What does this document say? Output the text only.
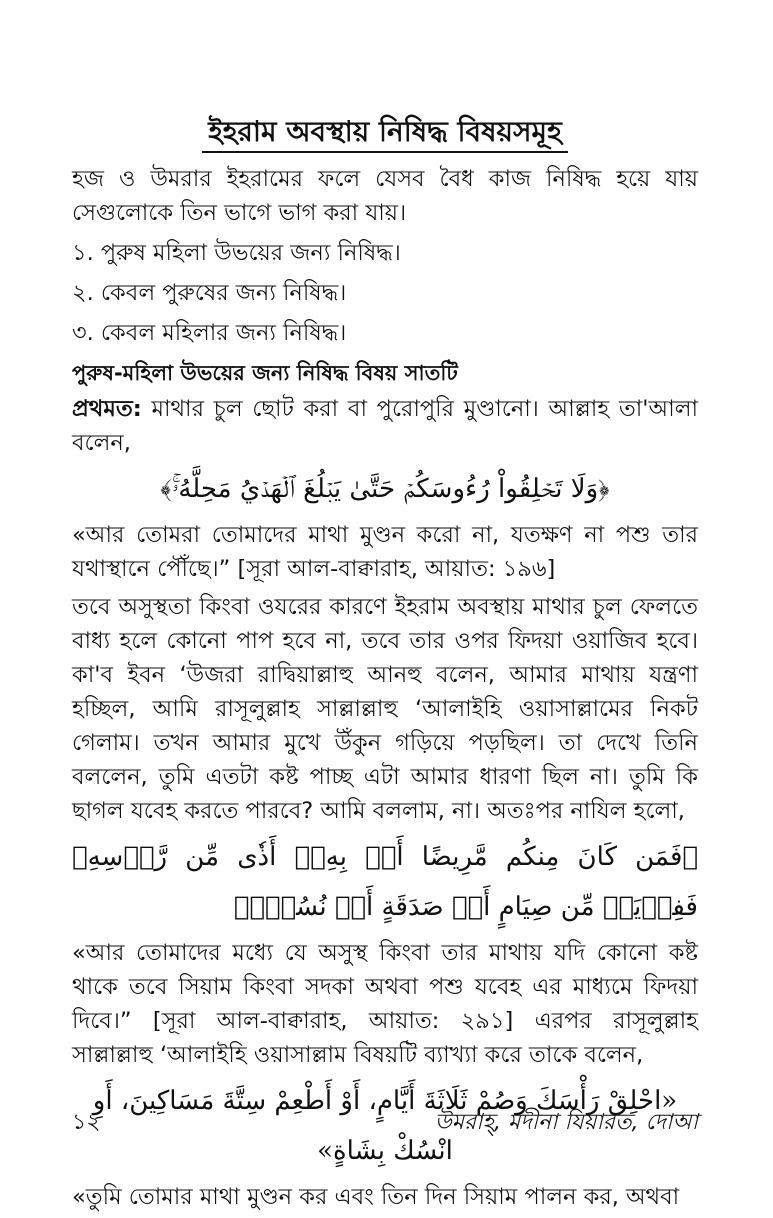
ইহরাম অবস্থায় নিষিদ্ধ বিষয়সমূহ

হজ ও উমরার ইহরামের ফলে যেসব বৈধ কাজ নিষিদ্ধ হয়ে যায় সেগুলোকে তিন ভাগে ভাগ করা যায়।

১. পুরুষ মহিলা উভয়ের জন্য নিষিদ্ধ।

২. কেবল পুরুষের জন্য নিষিদ্ধ।

৩. কেবল মহিলার জন্য নিষিদ্ধ।

পুরুষ-মহিলা উভয়ের জন্য নিষিদ্ধ বিষয় সাতটি

প্রথমত: মাথার চুল ছোট করা বা পুরোপুরি মুণ্ডানো। আল্লাহ তা'আলা বলেন,

﴿وَلَا تَحۡلِقُواْ رُءُوسَكُمۡ حَتَّىٰ يَبۡلُغَ ٱلۡهَدۡيُ مَحِلَّهُۥۚ﴾

«আর তোমরা তোমাদের মাথা মুণ্ডন করো না, যতক্ষণ না পশু তার যথাস্থানে পৌঁছে।” [সূরা আল-বাক্বারাহ, আয়াত: ১৯৬]

তবে অসুস্থতা কিংবা ওযরের কারণে ইহরাম অবস্থায় মাথার চুল ফেলতে বাধ্য হলে কোনো পাপ হবে না, তবে তার ওপর ফিদয়া ওয়াজিব হবে। কা'ব ইবন ‘উজরা রাদ্বিয়াল্লাহু আনহু বলেন, আমার মাথায় যন্ত্রণা হচ্ছিল, আমি রাসূলুল্লাহ সাল্লাল্লাহু ‘আলাইহি ওয়াসাল্লামের নিকট গেলাম। তখন আমার মুখে উঁকুন গড়িয়ে পড়ছিল। তা দেখে তিনি বললেন, তুমি এতটা কষ্ট পাচ্ছ এটা আমার ধারণা ছিল না। তুমি কি ছাগল যবেহ করতে পারবে? আমি বললাম, না। অতঃপর নাযিল হলো,

﴿فَمَن كَانَ مِنكُم مَّرِيضًا أَوۡ بِهِۦٓ أَذٗى مِّن رَّأۡسِهِۦ فَفِدۡيَةٞ مِّن صِيَامٍ أَوۡ صَدَقَةٍ أَوۡ نُسُكٖۚ﴾

«আর তোমাদের মধ্যে যে অসুস্থ কিংবা তার মাথায় যদি কোনো কষ্ট থাকে তবে সিয়াম কিংবা সদকা অথবা পশু যবেহ এর মাধ্যমে ফিদয়া দিবে।” [সূরা আল-বাক্বারাহ, আয়াত: ২৯১] এরপর রাসূলুল্লাহ সাল্লাল্লাহু ‘আলাইহি ওয়াসাল্লাম বিষয়টি ব্যাখ্যা করে তাকে বলেন,

«احْلِقْ رَأْسَكَ وَصُمْ ثَلَاثَةَ أَيَّامٍ، أَوْ أَطْعِمْ سِتَّةَ مَسَاكِينَ، أَوِ انْسُكْ بِشَاةٍ»

«তুমি তোমার মাথা মুণ্ডন কর এবং তিন দিন সিয়াম পালন কর, অথবা

১২	উমরাহ্‌, মদীনা যিয়ারত, দোআ
